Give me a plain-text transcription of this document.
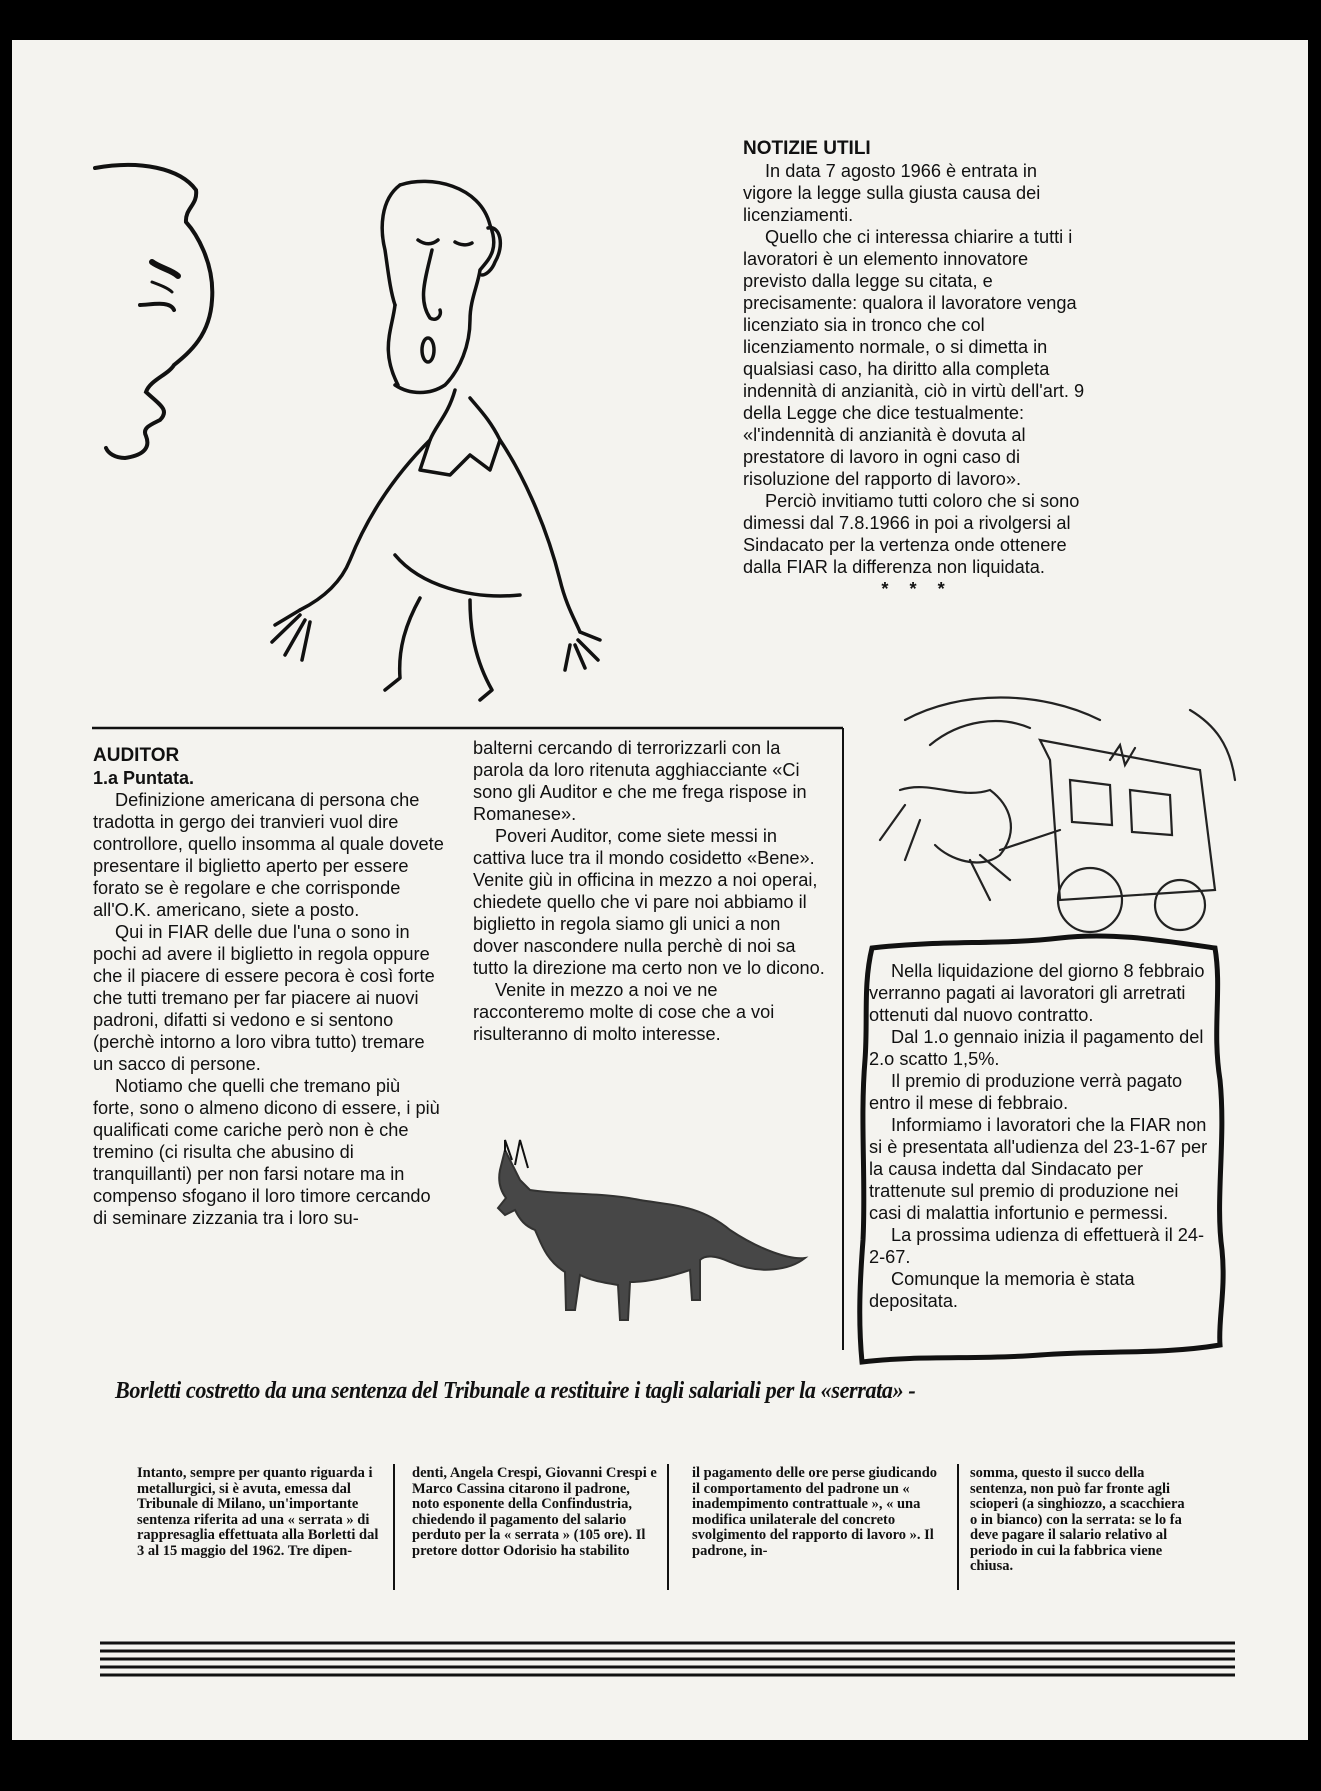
NOTIZIE UTILI

In data 7 agosto 1966 è entrata in vigore la legge sulla giusta causa dei licenziamenti.

Quello che ci interessa chiarire a tutti i lavoratori è un elemento innovatore previsto dalla legge su citata, e precisamente: qualora il lavoratore venga licenziato sia in tronco che col licenziamento normale, o si dimetta in qualsiasi caso, ha diritto alla completa indennità di anzianità, ciò in virtù dell'art. 9 della Legge che dice testualmente:

«l'indennità di anzianità è dovuta al prestatore di lavoro in ogni caso di risoluzione del rapporto di lavoro».

Perciò invitiamo tutti coloro che si sono dimessi dal 7.8.1966 in poi a rivolgersi al Sindacato per la vertenza onde ottenere dalla FIAR la differenza non liquidata.

* * *
AUDITOR
1.a Puntata.

Definizione americana di persona che tradotta in gergo dei tranvieri vuol dire controllore, quello insomma al quale dovete presentare il biglietto aperto per essere forato se è regolare e che corrisponde all'O.K. americano, siete a posto.

Qui in FIAR delle due l'una o sono in pochi ad avere il biglietto in regola oppure che il piacere di essere pecora è così forte che tutti tremano per far piacere ai nuovi padroni, difatti si vedono e si sentono (perchè intorno a loro vibra tutto) tremare un sacco di persone.

Notiamo che quelli che tremano più forte, sono o almeno dicono di essere, i più qualificati come cariche però non è che tremino (ci risulta che abusino di tranquillanti) per non farsi notare ma in compenso sfogano il loro timore cercando di seminare zizzania tra i loro su-

balterni cercando di terrorizzarli con la parola da loro ritenuta agghiacciante «Ci sono gli Auditor e che me frega rispose in Romanese».

Poveri Auditor, come siete messi in cattiva luce tra il mondo cosidetto «Bene». Venite giù in officina in mezzo a noi operai, chiedete quello che vi pare noi abbiamo il biglietto in regola siamo gli unici a non dover nascondere nulla perchè di noi sa tutto la direzione ma certo non ve lo dicono.

Venite in mezzo a noi ve ne racconteremo molte di cose che a voi risulteranno di molto interesse.

Nella liquidazione del giorno 8 febbraio verranno pagati ai lavoratori gli arretrati ottenuti dal nuovo contratto.

Dal 1.o gennaio inizia il pagamento del 2.o scatto 1,5%.

Il premio di produzione verrà pagato entro il mese di febbraio.

Informiamo i lavoratori che la FIAR non si è presentata all'udienza del 23-1-67 per la causa indetta dal Sindacato per trattenute sul premio di produzione nei casi di malattia infortunio e permessi.

La prossima udienza di effettuerà il 24-2-67.

Comunque la memoria è stata depositata.

Borletti costretto da una sentenza del Tribunale a restituire i tagli salariali per la «serrata» -

Intanto, sempre per quanto riguarda i metallurgici, si è avuta, emessa dal Tribunale di Milano, un'importante sentenza riferita ad una « serrata » di rappresaglia effettuata alla Borletti dal 3 al 15 maggio del 1962. Tre dipen-

denti, Angela Crespi, Giovanni Crespi e Marco Cassina citarono il padrone, noto esponente della Confindustria, chiedendo il pagamento del salario perduto per la « serrata » (105 ore). Il pretore dottor Odorisio ha stabilito

il pagamento delle ore perse giudicando il comportamento del padrone un « inadempimento contrattuale », « una modifica unilaterale del concreto svolgimento del rapporto di lavoro ». Il padrone, in-

somma, questo il succo della sentenza, non può far fronte agli scioperi (a singhiozzo, a scacchiera o in bianco) con la serrata: se lo fa deve pagare il salario relativo al periodo in cui la fabbrica viene chiusa.
